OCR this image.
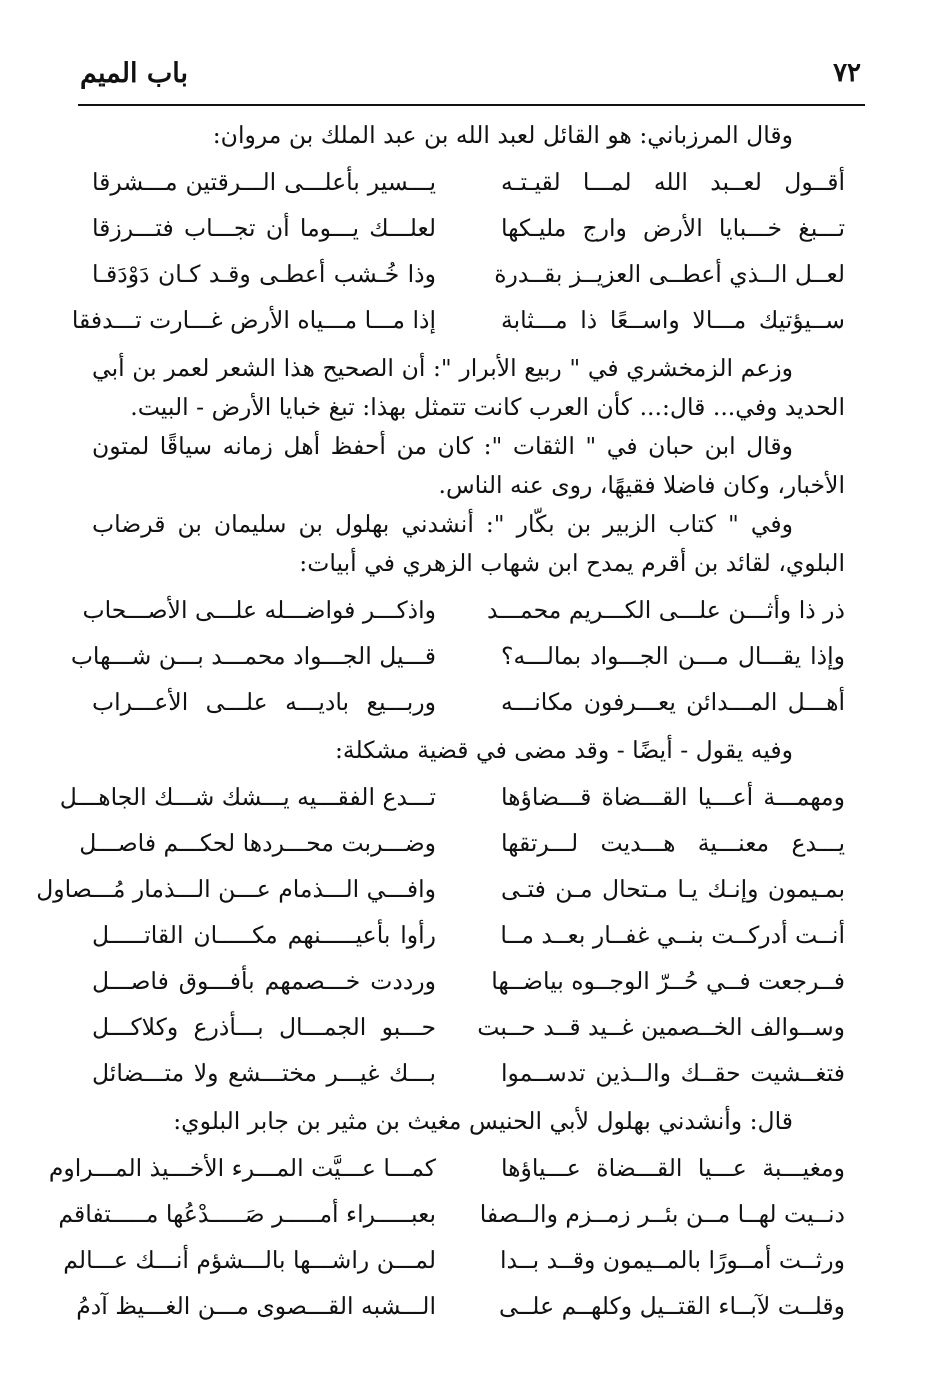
٧٢
باب الميم
وقال المرزباني: هو القائل لعبد الله بن عبد الملك بن مروان:
أقــول لعــبد الله لمـــا لقيـتـه
يـــسير بأعلـــى الـــرقتين مـــشرقا
تـــبغ خـــبايا الأرض وارج مليـكها
لعلـــك يـــوما أن تجـــاب فتـــرزقا
لعــل الــذي أعطــى العزيــز بقــدرة
وذا خُـشب أعطـى وقـد كـان دَوْدَقـا
ســيؤتيك مـــالا واســعًا ذا مـــثابة
إذا مـــا مـــياه الأرض غـــارت تـــدفقا
وزعم الزمخشري في " ربيع الأبرار ": أن الصحيح هذا الشعر لعمر بن أبي الحديد وفي... قال:... كأن العرب كانت تتمثل بهذا: تبغ خبايا الأرض - البيت.
وقال ابن حبان في " الثقات ": كان من أحفظ أهل زمانه سياقًا لمتون الأخبار، وكان فاضلا فقيهًا، روى عنه الناس.
وفي " كتاب الزبير بن بكّار ": أنشدني بهلول بن سليمان بن قرضاب البلوي، لقائد بن أقرم يمدح ابن شهاب الزهري في أبيات:
ذر ذا وأثـــن علـــى الكـــريم محمـــد
واذكـــر فواضـــله علـــى الأصـــحاب
وإذا يقـــال مـــن الجـــواد بمالـــه؟
قـــيل الجـــواد محمـــد بـــن شـــهاب
أهـــل المـــدائن يعـــرفون مكانـــه
وربـــيع باديـــه علـــى الأعـــراب
وفيه يقول - أيضًا - وقد مضى في قضية مشكلة:
ومهمـــة أعـــيا القـــضاة قـــضاؤها
تـــدع الفقـــيه يـــشك شـــك الجاهـــل
يـــدع معنـــية هـــديت لـــرتقها
وضـــربت محـــردها لحكـــم فاصـــل
بمـيمون وإنـك يـا مـتحال مـن فتـى
وافـــي الـــذمام عـــن الـــذمار مُـــصاول
أنــت أدركــت بنــي غفــار بعــد مــا
رأوا بأعيـــــنهم مكـــــان القاتـــــل
فــرجعت فــي حُــرّ الوجــوه بياضــها
ورددت خـــصمهم بأفـــوق فاصـــل
وســوالف الخــصمين غــيد قــد حــبت
حـــبو الجمـــال بـــأذرع وكلاكـــل
فتغــشيت حقــك والــذين تدســموا
بـــك غيـــر مختـــشع ولا متـــضائل
قال: وأنشدني بهلول لأبي الحنيس مغيث بن مثير بن جابر البلوي:
ومغيـــبة عـــيا القـــضاة عـــياؤها
كمـــا عـــيَّت المـــرء الأخـــيذ المـــراوم
دنــيت لهــا مــن بئــر زمــزم والــصفا
بعبـــــراء أمـــــر صَـــــدْعُها مـــــتفاقم
ورثــت أمــورًا بالمــيمون وقــد بــدا
لمـــن راشـــها بالـــشؤم أنـــك عـــالم
وقلــت لآبــاء القتــيل وكلهــم علــى
الـــشبه القـــصوى مـــن الغـــيظ آدمُ
